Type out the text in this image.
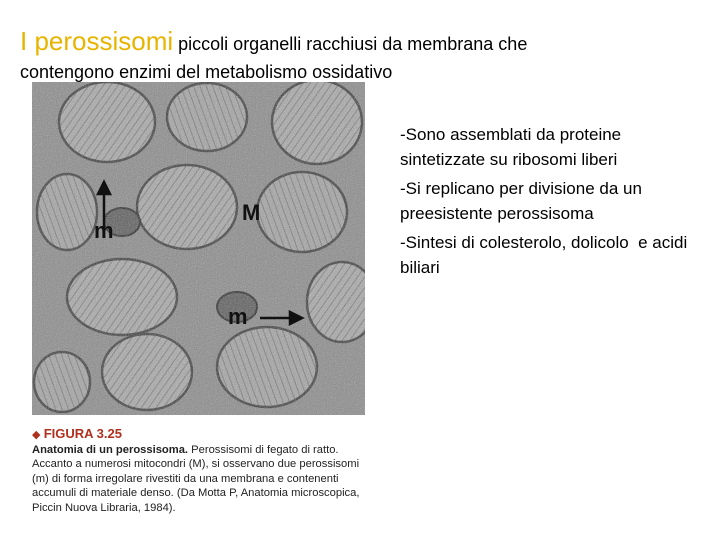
I perossisomi piccoli organelli racchiusi da membrana che
contengono enzimi del metabolismo ossidativo
m
M
m
◆ FIGURA 3.25
Anatomia di un perossisoma. Perossisomi di fegato di ratto. Accanto a numerosi mitocondri (M), si osservano due perossisomi (m) di forma irregolare rivestiti da una membrana e contenenti accumuli di materiale denso. (Da Motta P, Anatomia microscopica, Piccin Nuova Libraria, 1984).
-Sono assemblati da proteine sintetizzate su ribosomi liberi
-Si replicano per divisione da un preesistente perossisoma
-Sintesi di colesterolo, dolicolo  e acidi biliari
